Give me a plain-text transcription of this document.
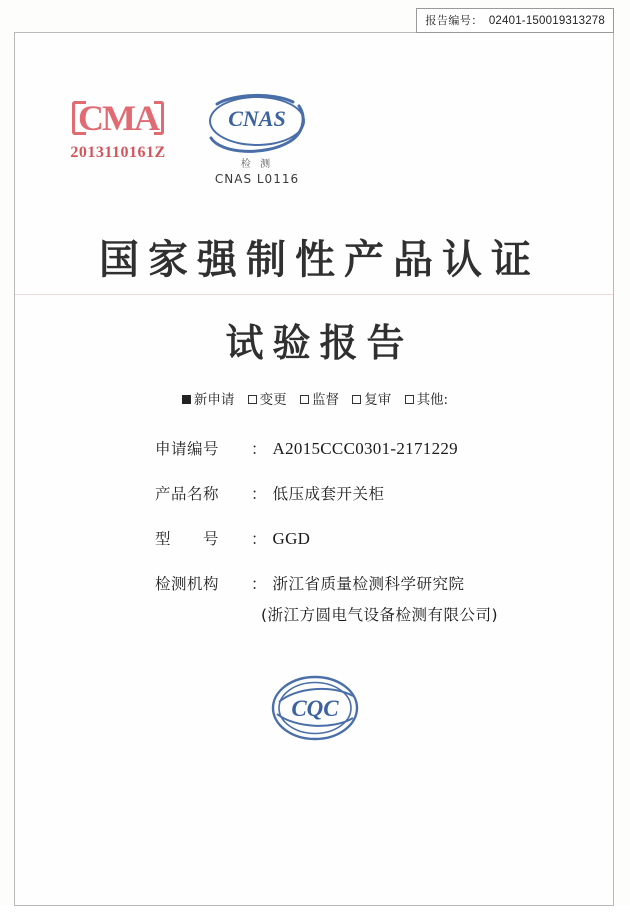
报告编号： 02401-150019313278
CMA
2013110161Z
CNAS
检 测
CNAS L0116
国家强制性产品认证
试验报告
新申请 变更 监督 复审 其他:
申请编号	： A2015CCC0301-2171229
产品名称	： 低压成套开关柜
型　　号	： GGD
检测机构	： 浙江省质量检测科学研究院
(浙江方圆电气设备检测有限公司)
CQC
